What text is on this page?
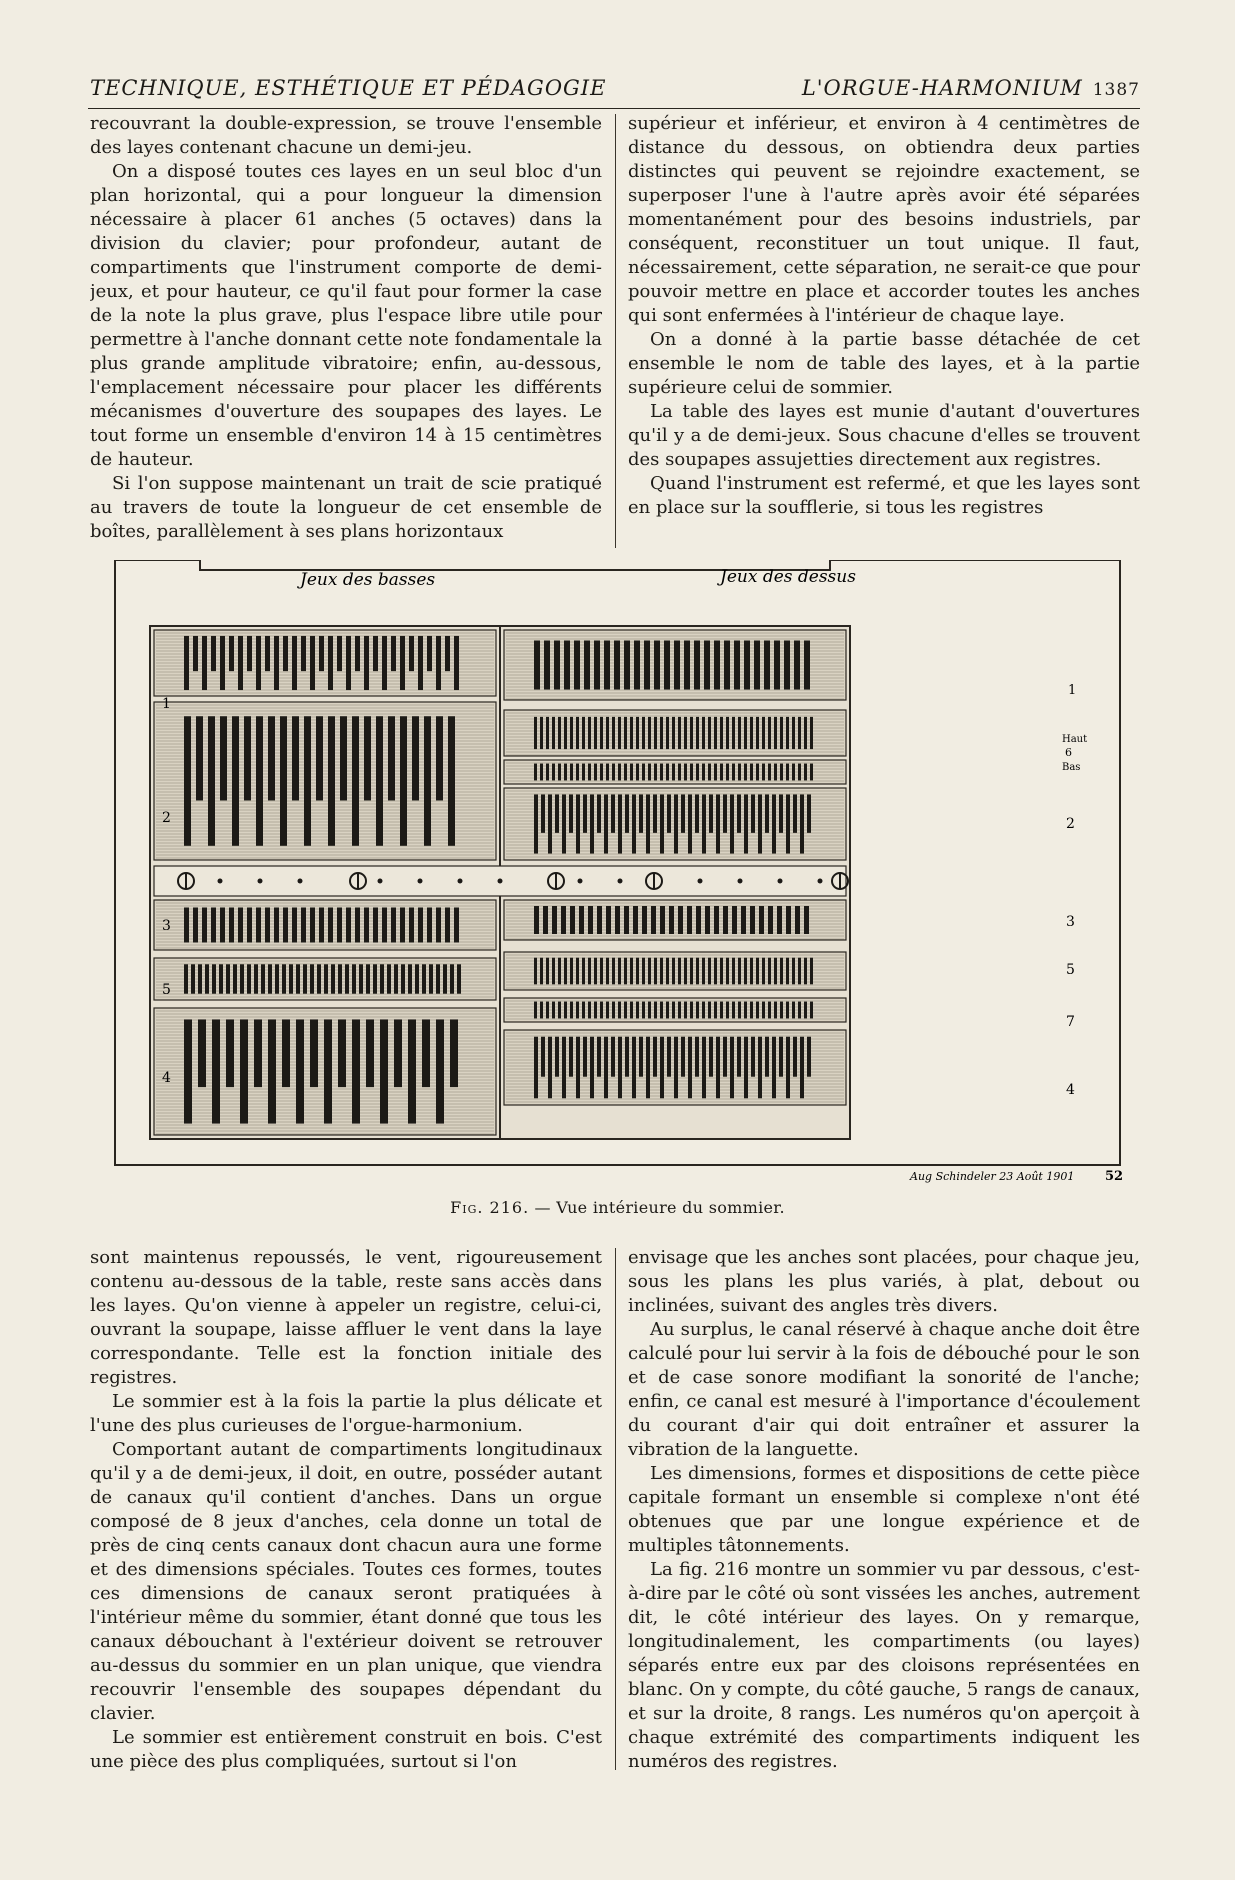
TECHNIQUE, ESTHÉTIQUE ET PÉDAGOGIE	L'ORGUE-HARMONIUM 1387

recouvrant la double-expression, se trouve l'ensemble des layes contenant chacune un demi-jeu.

On a disposé toutes ces layes en un seul bloc d'un plan horizontal, qui a pour longueur la dimension nécessaire à placer 61 anches (5 octaves) dans la division du clavier; pour profondeur, autant de compartiments que l'instrument comporte de demi-jeux, et pour hauteur, ce qu'il faut pour former la case de la note la plus grave, plus l'espace libre utile pour permettre à l'anche donnant cette note fondamentale la plus grande amplitude vibratoire; enfin, au-dessous, l'emplacement nécessaire pour placer les différents mécanismes d'ouverture des soupapes des layes. Le tout forme un ensemble d'environ 14 à 15 centimètres de hauteur.

Si l'on suppose maintenant un trait de scie pratiqué au travers de toute la longueur de cet ensemble de boîtes, parallèlement à ses plans horizontaux

supérieur et inférieur, et environ à 4 centimètres de distance du dessous, on obtiendra deux parties distinctes qui peuvent se rejoindre exactement, se superposer l'une à l'autre après avoir été séparées momentanément pour des besoins industriels, par conséquent, reconstituer un tout unique. Il faut, nécessairement, cette séparation, ne serait-ce que pour pouvoir mettre en place et accorder toutes les anches qui sont enfermées à l'intérieur de chaque laye.

On a donné à la partie basse détachée de cet ensemble le nom de table des layes, et à la partie supérieure celui de sommier.

La table des layes est munie d'autant d'ouvertures qu'il y a de demi-jeux. Sous chacune d'elles se trouvent des soupapes assujetties directement aux registres.

Quand l'instrument est refermé, et que les layes sont en place sur la soufflerie, si tous les registres

Jeux des basses	Jeux des dessus
1
2
3
5
4
1
Haut
6
Bas
2
3
5
7
4
Aug Schindeler 23 Août 1901 52
Fig. 216. — Vue intérieure du sommier.

sont maintenus repoussés, le vent, rigoureusement contenu au-dessous de la table, reste sans accès dans les layes. Qu'on vienne à appeler un registre, celui-ci, ouvrant la soupape, laisse affluer le vent dans la laye correspondante. Telle est la fonction initiale des registres.

Le sommier est à la fois la partie la plus délicate et l'une des plus curieuses de l'orgue-harmonium.

Comportant autant de compartiments longitudinaux qu'il y a de demi-jeux, il doit, en outre, posséder autant de canaux qu'il contient d'anches. Dans un orgue composé de 8 jeux d'anches, cela donne un total de près de cinq cents canaux dont chacun aura une forme et des dimensions spéciales. Toutes ces formes, toutes ces dimensions de canaux seront pratiquées à l'intérieur même du sommier, étant donné que tous les canaux débouchant à l'extérieur doivent se retrouver au-dessus du sommier en un plan unique, que viendra recouvrir l'ensemble des soupapes dépendant du clavier.

Le sommier est entièrement construit en bois. C'est une pièce des plus compliquées, surtout si l'on

envisage que les anches sont placées, pour chaque jeu, sous les plans les plus variés, à plat, debout ou inclinées, suivant des angles très divers.

Au surplus, le canal réservé à chaque anche doit être calculé pour lui servir à la fois de débouché pour le son et de case sonore modifiant la sonorité de l'anche; enfin, ce canal est mesuré à l'importance d'écoulement du courant d'air qui doit entraîner et assurer la vibration de la languette.

Les dimensions, formes et dispositions de cette pièce capitale formant un ensemble si complexe n'ont été obtenues que par une longue expérience et de multiples tâtonnements.

La fig. 216 montre un sommier vu par dessous, c'est-à-dire par le côté où sont vissées les anches, autrement dit, le côté intérieur des layes. On y remarque, longitudinalement, les compartiments (ou layes) séparés entre eux par des cloisons représentées en blanc. On y compte, du côté gauche, 5 rangs de canaux, et sur la droite, 8 rangs. Les numéros qu'on aperçoit à chaque extrémité des compartiments indiquent les numéros des registres.
